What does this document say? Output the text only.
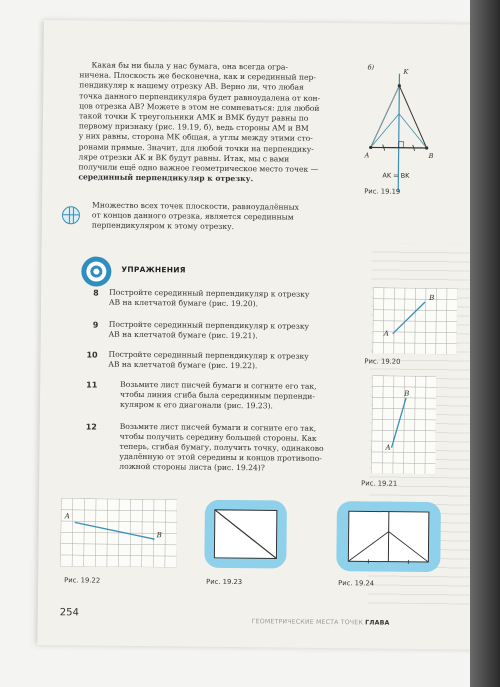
Какая бы ни была у нас бумага, она всегда огра-
ничена. Плоскость же бесконечна, как и серединный пер-
пендикуляр к нашему отрезку AB. Верно ли, что любая
точка данного перпендикуляра будет равноудалена от кон-
цов отрезка AB? Можете в этом не сомневаться: для любой
такой точки K треугольники AMK и BMK будут равны по
первому признаку (рис. 19.19, б), ведь стороны AM и BM
у них равны, сторона MK общая, а углы между этими сто-
ронами прямые. Значит, для любой точки на перпендику-
ляре отрезки AK и BK будут равны. Итак, мы с вами
получили ещё одно важное геометрическое место точек —
серединный перпендикуляр к отрезку.
б)
K
A	B
AK = BK
Рис. 19.19
Множество всех точек плоскости, равноудалённых
от концов данного отрезка, является серединным
перпендикуляром к этому отрезку.
УПРАЖНЕНИЯ
8 Постройте серединный перпендикуляр к отрезку
AB на клетчатой бумаге (рис. 19.20).
9 Постройте серединный перпендикуляр к отрезку
AB на клетчатой бумаге (рис. 19.21).
10 Постройте серединный перпендикуляр к отрезку
AB на клетчатой бумаге (рис. 19.22).
11	Возьмите лист писчей бумаги и согните его так,
чтобы линия сгиба была серединным перпенди-
куляром к его диагонали (рис. 19.23).
12	Возьмите лист писчей бумаги и согните его так,
чтобы получить середину большей стороны. Как
теперь, сгибая бумагу, получить точку, одинаково
удалённую от этой середины и концов противопо-
ложной стороны листа (рис. 19.24)?
A
B
Рис. 19.20
A
B
Рис. 19.21
A
B
Рис. 19.22	Рис. 19.23	Рис. 19.24
254
ГЕОМЕТРИЧЕСКИЕ МЕСТА ТОЧЕК ГЛАВА
